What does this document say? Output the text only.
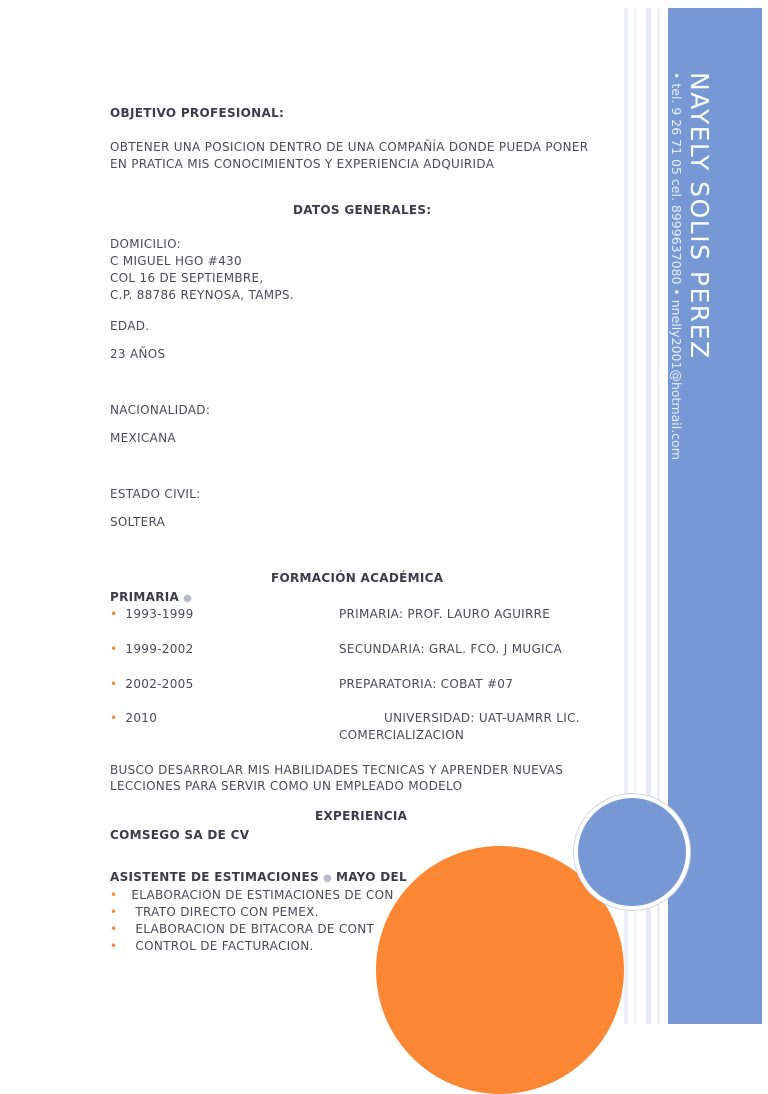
NAYELY SOLIS PEREZ
• tel. 9 26 71 05 cel. 8999637080 • nnelly2001@hotmail.com
OBJETIVO PROFESIONAL:
OBTENER UNA POSICION DENTRO DE UNA COMPAÑÍA DONDE PUEDA PONER
EN PRATICA MIS CONOCIMIENTOS Y EXPERIENCIA ADQUIRIDA
DATOS GENERALES:
DOMICILIO:
C MIGUEL HGO #430
COL 16 DE SEPTIEMBRE,
C.P. 88786 REYNOSA, TAMPS.
EDAD.
23 AÑOS
NACIONALIDAD:
MEXICANA
ESTADO CIVIL:
SOLTERA
FORMACIÓN ACADÉMICA
PRIMARIA ●
• 1993-1999	PRIMARIA: PROF. LAURO AGUIRRE
• 1999-2002	SECUNDARIA: GRAL. FCO. J MUGICA
• 2002-2005	PREPARATORIA: COBAT #07
• 2010	UNIVERSIDAD: UAT-UAMRR LIC.
COMERCIALIZACION
BUSCO DESARROLAR MIS HABILIDADES TECNICAS Y APRENDER NUEVAS
LECCIONES PARA SERVIR COMO UN EMPLEADO MODELO
EXPERIENCIA
COMSEGO SA DE CV
ASISTENTE DE ESTIMACIONES ● MAYO DEL
• ELABORACION DE ESTIMACIONES DE CON
• TRATO DIRECTO CON PEMEX.
• ELABORACION DE BITACORA DE CONT
• CONTROL DE FACTURACION.
